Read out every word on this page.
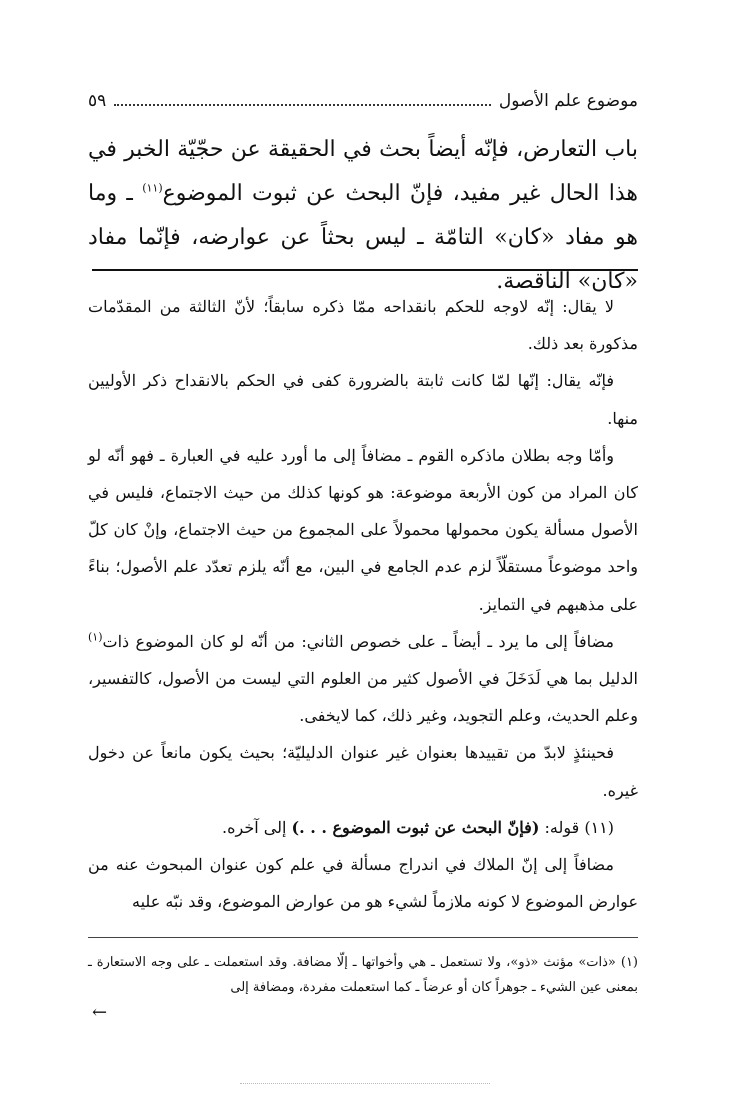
موضوع علم الأصول
٥٩

باب التعارض، فإنّه أيضاً بحث في الحقيقة عن حجّيّة الخبر في هذا الحال غير مفيد، فإنّ البحث عن ثبوت الموضوع$^{(١١)}$ ـ وما هو مفاد «كان» التامّة ـ ليس بحثاً عن عوارضه، فإنّما مفاد «كان» الناقصة.

لا يقال: إنّه لاوجه للحكم بانقداحه ممّا ذكره سابقاً؛ لأنّ الثالثة من المقدّمات مذكورة بعد ذلك.

فإنّه يقال: إنّها لمّا كانت ثابتة بالضرورة كفى في الحكم بالانقداح ذكر الأوليين منها.

وأمّا وجه بطلان ماذكره القوم ـ مضافاً إلى ما أورد عليه في العبارة ـ فهو أنّه لو كان المراد من كون الأربعة موضوعة: هو كونها كذلك من حيث الاجتماع، فليس في الأصول مسألة يكون محمولها محمولاً على المجموع من حيث الاجتماع، وإنْ كان كلّ واحد موضوعاً مستقلّاً لزم عدم الجامع في البين، مع أنّه يلزم تعدّد علم الأصول؛ بناءً على مذهبهم في التمايز.

مضافاً إلى ما يرد ـ أيضاً ـ على خصوص الثاني: من أنّه لو كان الموضوع ذات$^{(١)}$ الدليل بما هي لَدَخَلَ في الأصول كثير من العلوم التي ليست من الأصول، كالتفسير، وعلم الحديث، وعلم التجويد، وغير ذلك، كما لايخفى.

فحينئذٍ لابدّ من تقييدها بعنوان غير عنوان الدليليّة؛ بحيث يكون مانعاً عن دخول غيره.

(١١) قوله: (فإنّ البحث عن ثبوت الموضوع . . .) إلى آخره.

مضافاً إلى إنّ الملاك في اندراج مسألة في علم كون عنوان المبحوث عنه من عوارض الموضوع لا كونه ملازماً لشيء هو من عوارض الموضوع، وقد نبّه عليه

(١) «ذات» مؤنث «ذو»، ولا تستعمل ـ هي وأخواتها ـ إلّا مضافة. وقد استعملت ـ على وجه الاستعارة ـ بمعنى عين الشيء ـ جوهراً كان أو عرضاً ـ كما استعملت مفردة، ومضافة إلى

←
